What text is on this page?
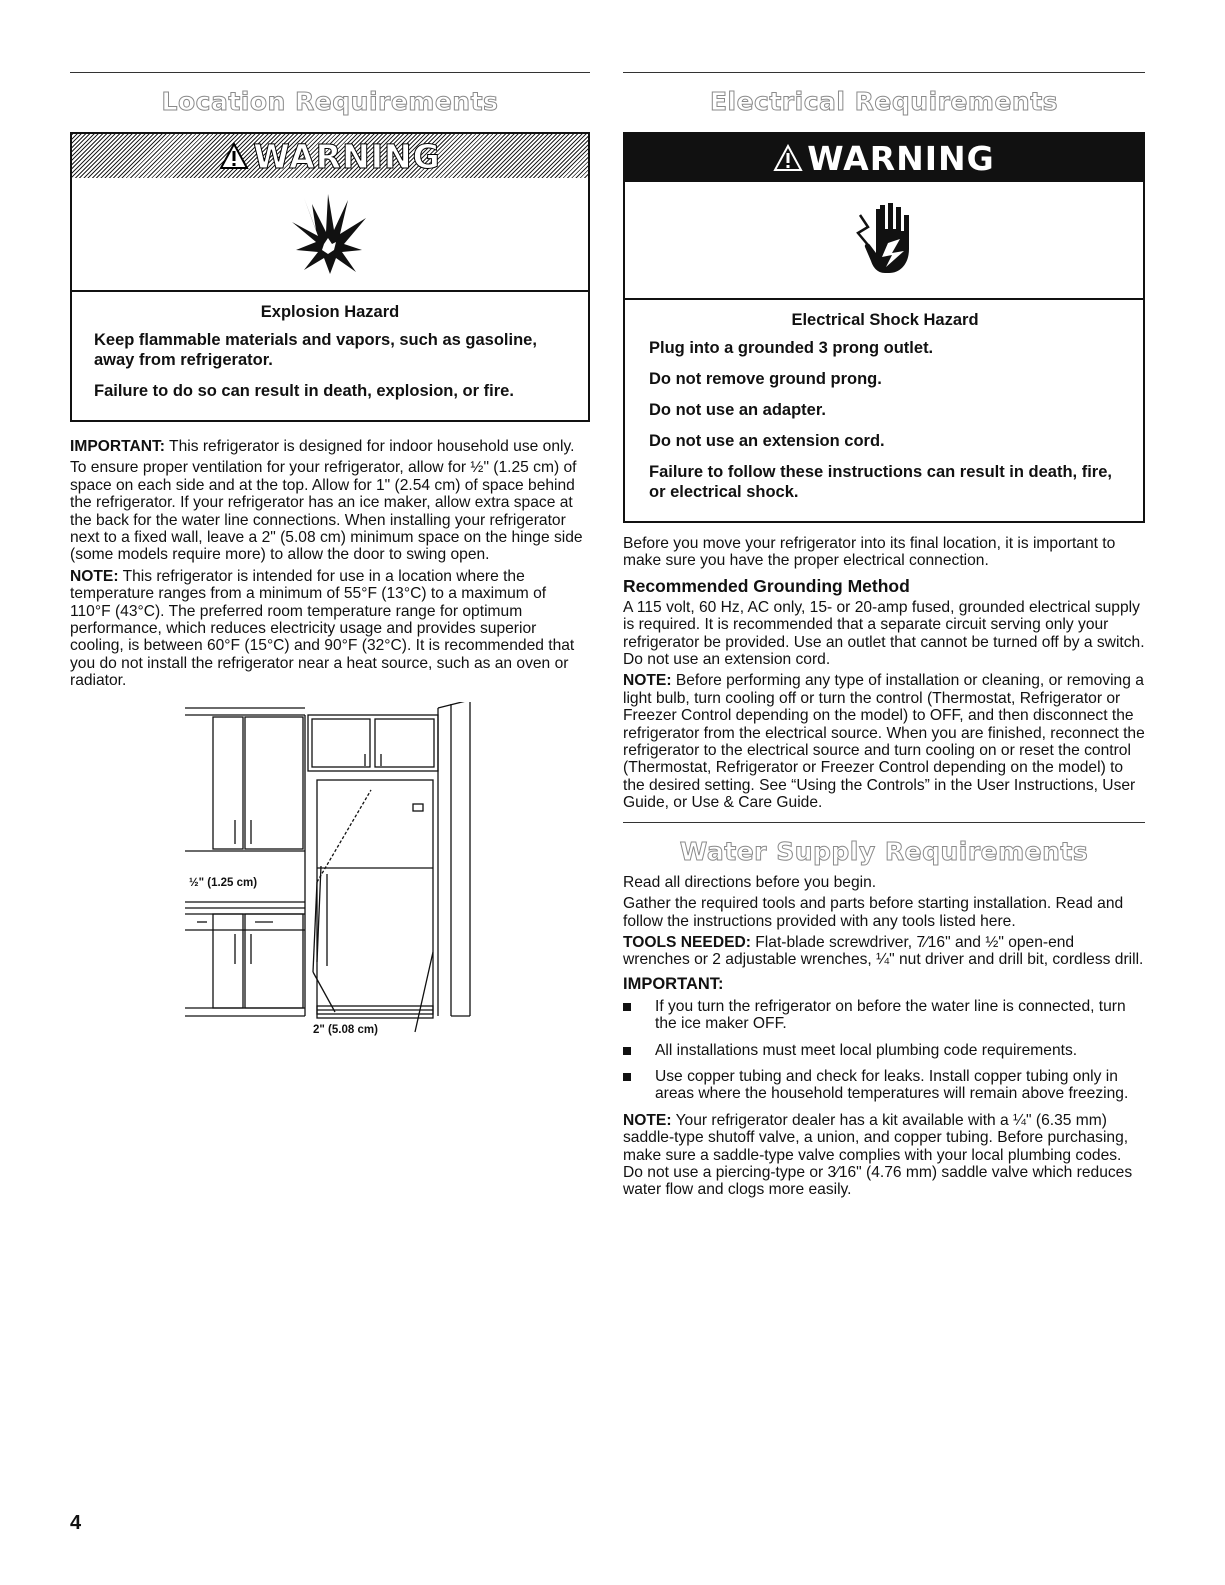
Location Requirements
WARNING
Explosion Hazard

Keep flammable materials and vapors, such as gasoline, away from refrigerator.

Failure to do so can result in death, explosion, or fire.

IMPORTANT: This refrigerator is designed for indoor household use only.

To ensure proper ventilation for your refrigerator, allow for ½" (1.25 cm) of space on each side and at the top. Allow for 1" (2.54 cm) of space behind the refrigerator. If your refrigerator has an ice maker, allow extra space at the back for the water line connections. When installing your refrigerator next to a fixed wall, leave a 2" (5.08 cm) minimum space on the hinge side (some models require more) to allow the door to swing open.

NOTE: This refrigerator is intended for use in a location where the temperature ranges from a minimum of 55°F (13°C) to a maximum of 110°F (43°C). The preferred room temperature range for optimum performance, which reduces electricity usage and provides superior cooling, is between 60°F (15°C) and 90°F (32°C). It is recommended that you do not install the refrigerator near a heat source, such as an oven or radiator.

½" (1.25 cm)
2" (5.08 cm)
Electrical Requirements
WARNING
Electrical Shock Hazard

Plug into a grounded 3 prong outlet.

Do not remove ground prong.

Do not use an adapter.

Do not use an extension cord.

Failure to follow these instructions can result in death, fire, or electrical shock.

Before you move your refrigerator into its final location, it is important to make sure you have the proper electrical connection.

Recommended Grounding Method

A 115 volt, 60 Hz, AC only, 15- or 20-amp fused, grounded electrical supply is required. It is recommended that a separate circuit serving only your refrigerator be provided. Use an outlet that cannot be turned off by a switch. Do not use an extension cord.

NOTE: Before performing any type of installation or cleaning, or removing a light bulb, turn cooling off or turn the control (Thermostat, Refrigerator or Freezer Control depending on the model) to OFF, and then disconnect the refrigerator from the electrical source. When you are finished, reconnect the refrigerator to the electrical source and turn cooling on or reset the control (Thermostat, Refrigerator or Freezer Control depending on the model) to the desired setting. See “Using the Controls” in the User Instructions, User Guide, or Use & Care Guide.

Water Supply Requirements

Read all directions before you begin.

Gather the required tools and parts before starting installation. Read and follow the instructions provided with any tools listed here.

TOOLS NEEDED: Flat-blade screwdriver, 7⁄16" and ½" open-end wrenches or 2 adjustable wrenches, ¼" nut driver and drill bit, cordless drill.

IMPORTANT:
If you turn the refrigerator on before the water line is connected, turn the ice maker OFF.
All installations must meet local plumbing code requirements.
Use copper tubing and check for leaks. Install copper tubing only in areas where the household temperatures will remain above freezing.

NOTE: Your refrigerator dealer has a kit available with a ¼" (6.35 mm) saddle-type shutoff valve, a union, and copper tubing. Before purchasing, make sure a saddle-type valve complies with your local plumbing codes. Do not use a piercing-type or 3⁄16" (4.76 mm) saddle valve which reduces water flow and clogs more easily.

4
